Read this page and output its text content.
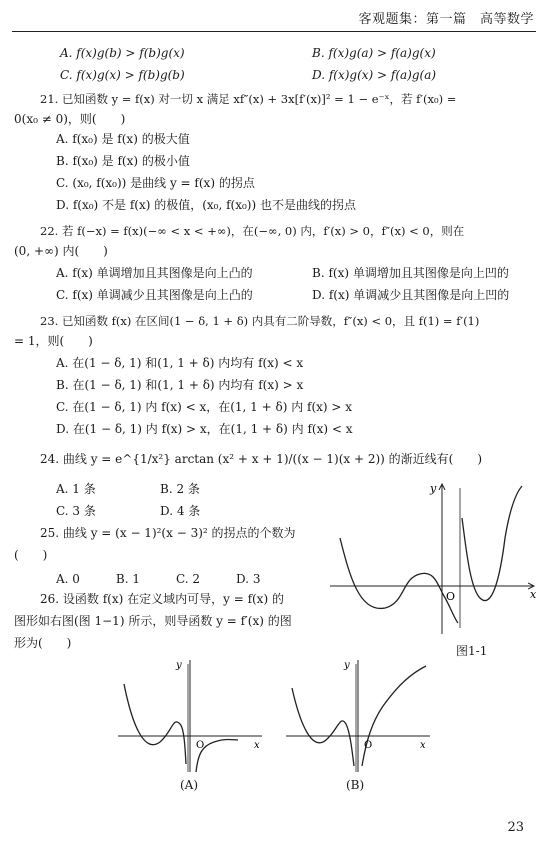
客观题集：第一篇　高等数学
A. f(x)g(b) > f(b)g(x)	B. f(x)g(a) > f(a)g(x)
C. f(x)g(x) > f(b)g(b)	D. f(x)g(x) > f(a)g(a)
21. 已知函数 y = f(x) 对一切 x 满足 xf″(x) + 3x[f′(x)]² = 1 − e⁻ˣ，若 f′(x₀) =
0(x₀ ≠ 0)，则(　　)
A. f(x₀) 是 f(x) 的极大值
B. f(x₀) 是 f(x) 的极小值
C. (x₀, f(x₀)) 是曲线 y = f(x) 的拐点
D. f(x₀) 不是 f(x) 的极值，(x₀, f(x₀)) 也不是曲线的拐点
22. 若 f(−x) = f(x)(−∞ < x < +∞)，在(−∞, 0) 内，f′(x) > 0，f″(x) < 0，则在
(0, +∞) 内(　　)
A. f(x) 单调增加且其图像是向上凸的	B. f(x) 单调增加且其图像是向上凹的
C. f(x) 单调减少且其图像是向上凸的	D. f(x) 单调减少且其图像是向上凹的
23. 已知函数 f(x) 在区间(1 − δ, 1 + δ) 内具有二阶导数，f″(x) < 0，且 f(1) = f′(1)
= 1，则(　　)
A. 在(1 − δ, 1) 和(1, 1 + δ) 内均有 f(x) < x
B. 在(1 − δ, 1) 和(1, 1 + δ) 内均有 f(x) > x
C. 在(1 − δ, 1) 内 f(x) < x，在(1, 1 + δ) 内 f(x) > x
D. 在(1 − δ, 1) 内 f(x) > x，在(1, 1 + δ) 内 f(x) < x
24. 曲线 y = e^{1/x²} arctan (x² + x + 1)/((x − 1)(x + 2)) 的渐近线有(　　)
A. 1 条	B. 2 条
C. 3 条	D. 4 条
25. 曲线 y = (x − 1)²(x − 3)² 的拐点的个数为
(　　)
A. 0　　　B. 1　　　C. 2　　　D. 3
26. 设函数 f(x) 在定义域内可导，y = f(x) 的
图形如右图(图 1−1) 所示，则导函数 y = f′(x) 的图
形为(　　)
x
y
O
图1-1
x
y
O
(A)
x
y
O
(B)
23
